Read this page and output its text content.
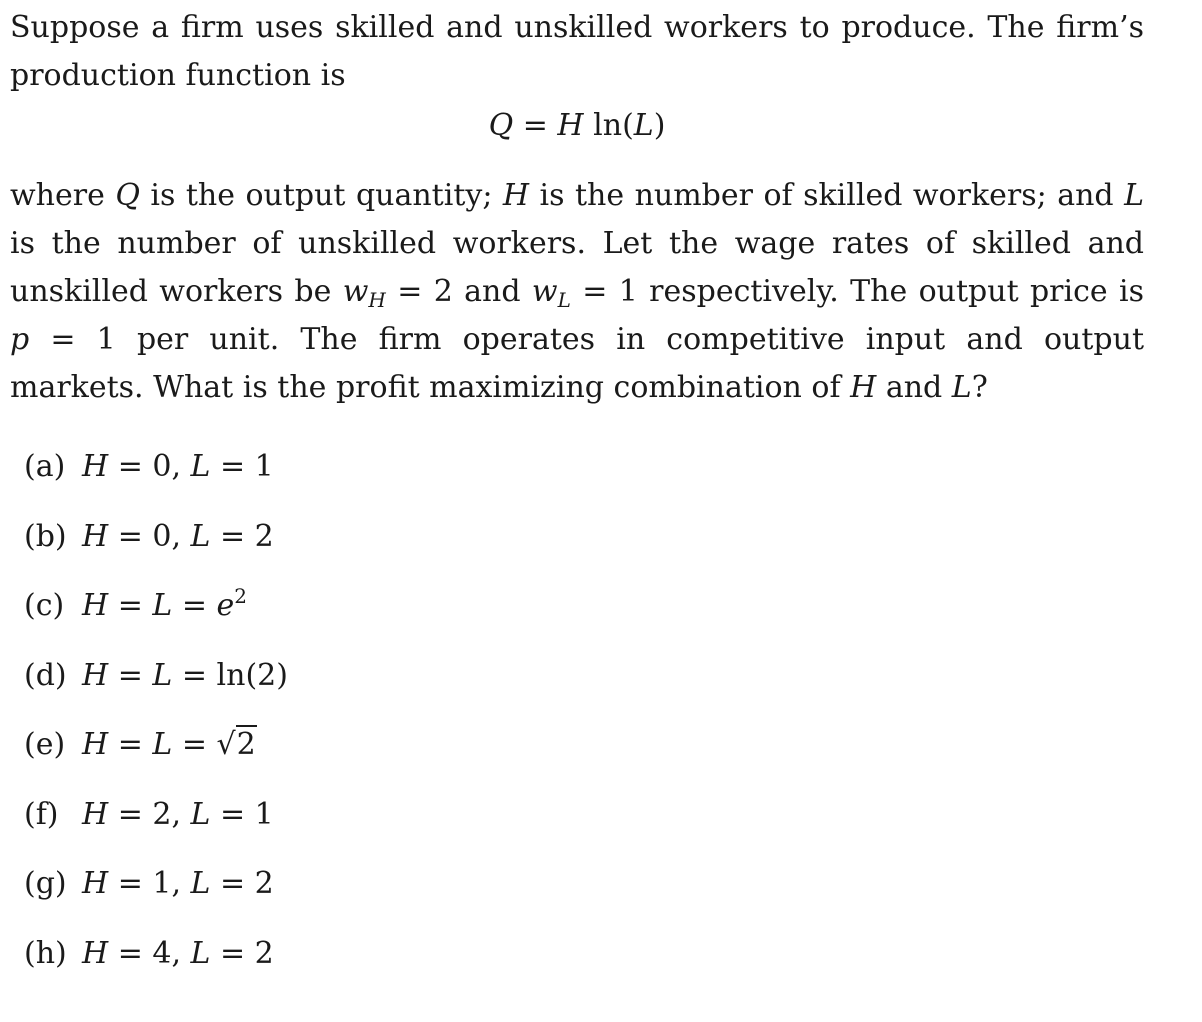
Suppose a firm uses skilled and unskilled workers to produce. The firm’s production function is

Q = H ln(L)

where Q is the output quantity; H is the number of skilled workers; and L is the number of unskilled workers. Let the wage rates of skilled and unskilled workers be $w_H = 2$ and $w_L = 1$ respectively. The output price is p = 1 per unit. The firm operates in competitive input and output markets. What is the profit maximizing combination of H and L?

(a) H = 0, L = 1
(b) H = 0, L = 2
(c) $H = L = e^2$
(d) H = L = ln(2)
(e) H = L = √2
(f) H = 2, L = 1
(g) H = 1, L = 2
(h) H = 4, L = 2
